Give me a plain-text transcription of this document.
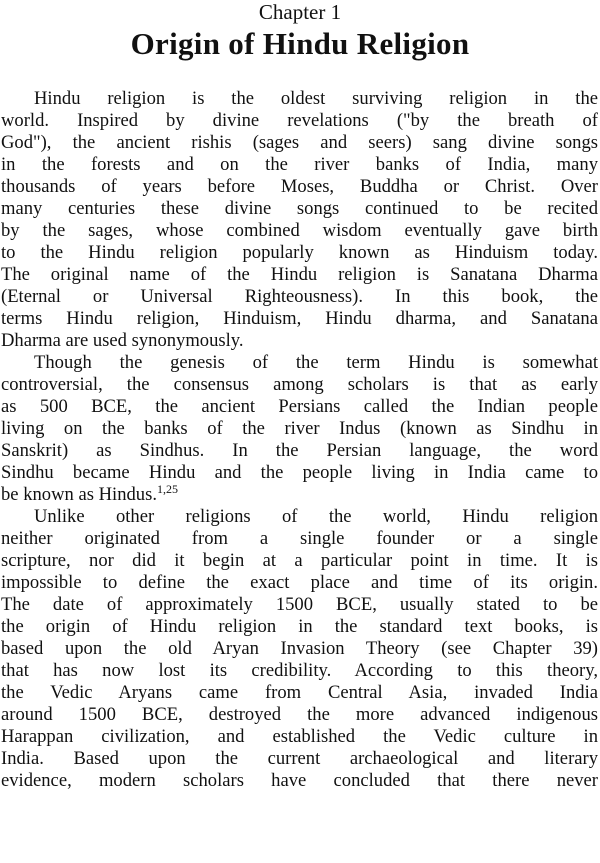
Chapter 1
Origin of Hindu Religion
Hindu religion is the oldest surviving religion in the
world. Inspired by divine revelations ("by the breath of
God"), the ancient rishis (sages and seers) sang divine songs
in the forests and on the river banks of India, many
thousands of years before Moses, Buddha or Christ. Over
many centuries these divine songs continued to be recited
by the sages, whose combined wisdom eventually gave birth
to the Hindu religion popularly known as Hinduism today.
The original name of the Hindu religion is Sanatana Dharma
(Eternal or Universal Righteousness). In this book, the
terms Hindu religion, Hinduism, Hindu dharma, and Sanatana
Dharma are used synonymously.
Though the genesis of the term Hindu is somewhat
controversial, the consensus among scholars is that as early
as 500 BCE, the ancient Persians called the Indian people
living on the banks of the river Indus (known as Sindhu in
Sanskrit) as Sindhus. In the Persian language, the word
Sindhu became Hindu and the people living in India came to
be known as Hindus.$^{1,25}$
Unlike other religions of the world, Hindu religion
neither originated from a single founder or a single
scripture, nor did it begin at a particular point in time. It is
impossible to define the exact place and time of its origin.
The date of approximately 1500 BCE, usually stated to be
the origin of Hindu religion in the standard text books, is
based upon the old Aryan Invasion Theory (see Chapter 39)
that has now lost its credibility. According to this theory,
the Vedic Aryans came from Central Asia, invaded India
around 1500 BCE, destroyed the more advanced indigenous
Harappan civilization, and established the Vedic culture in
India. Based upon the current archaeological and literary
evidence, modern scholars have concluded that there never
